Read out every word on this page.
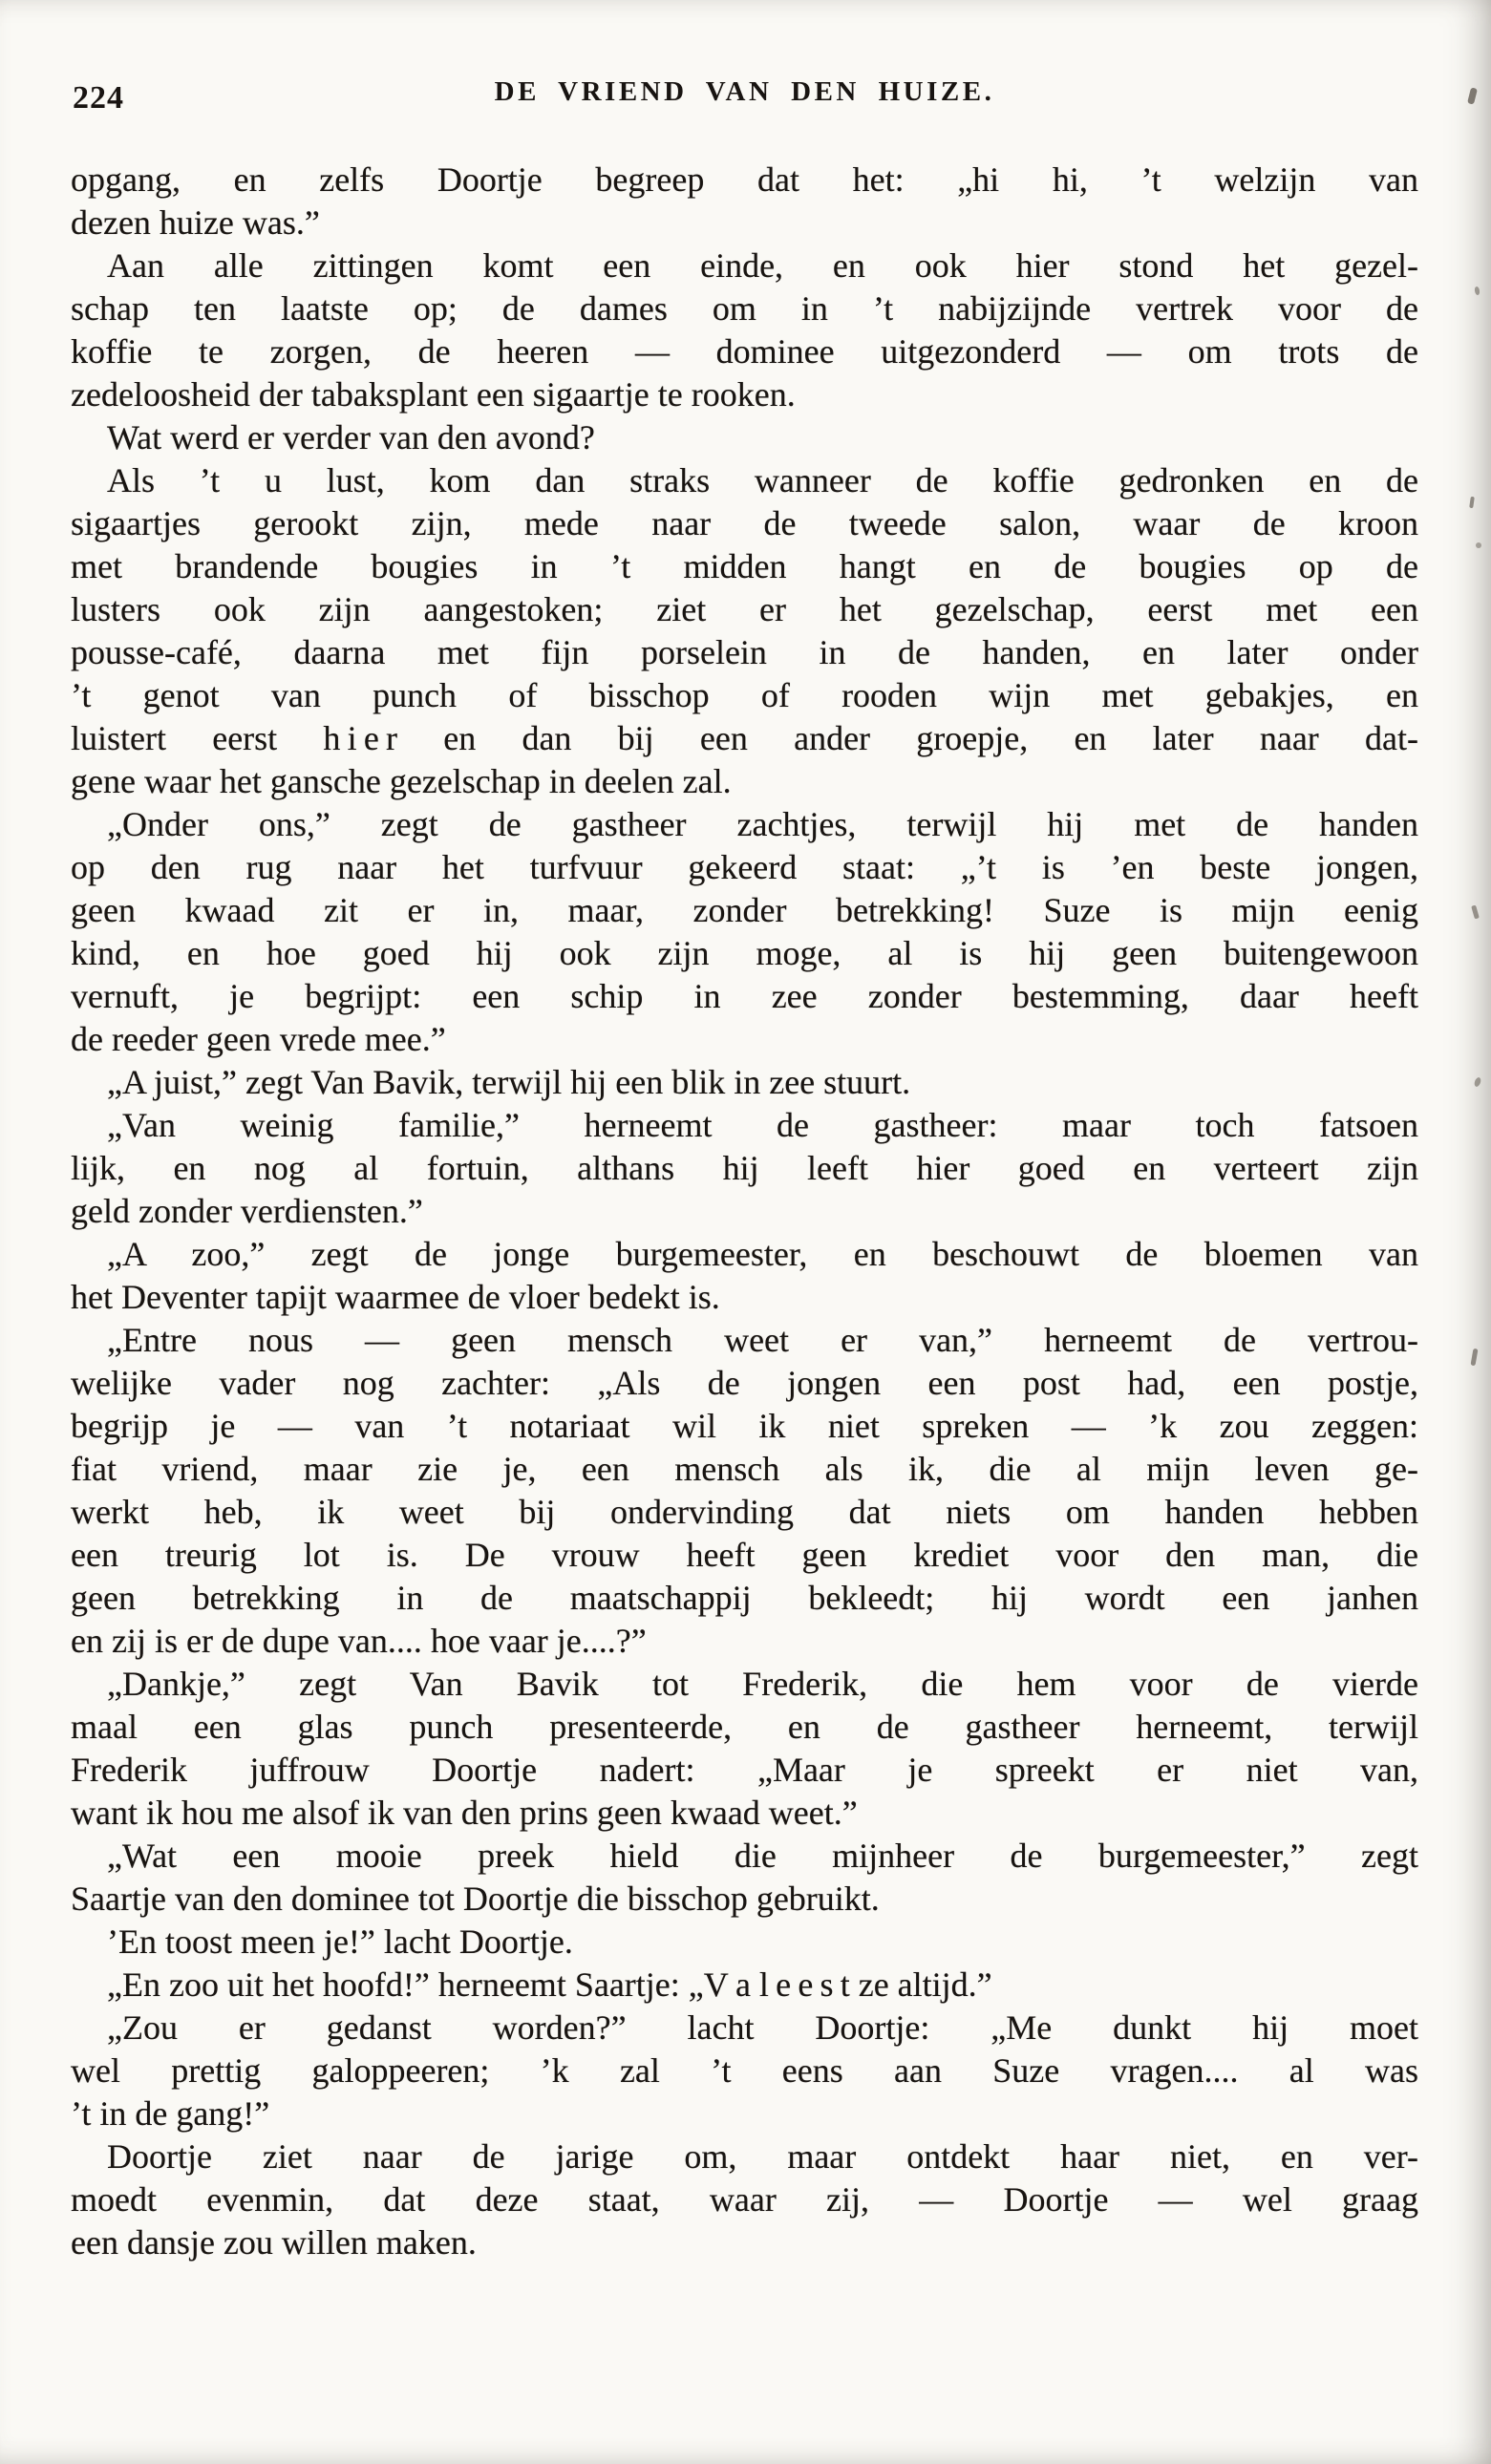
224	DE VRIEND VAN DEN HUIZE.
opgang, en zelfs Doortje begreep dat het: „hi hi, ’t welzijn van
dezen huize was.”
Aan alle zittingen komt een einde, en ook hier stond het gezel-
schap ten laatste op; de dames om in ’t nabijzijnde vertrek voor de
koffie te zorgen, de heeren — dominee uitgezonderd — om trots de
zedeloosheid der tabaksplant een sigaartje te rooken.
Wat werd er verder van den avond?
Als ’t u lust, kom dan straks wanneer de koffie gedronken en de
sigaartjes gerookt zijn, mede naar de tweede salon, waar de kroon
met brandende bougies in ’t midden hangt en de bougies op de
lusters ook zijn aangestoken; ziet er het gezelschap, eerst met een
pousse-café, daarna met fijn porselein in de handen, en later onder
’t genot van punch of bisschop of rooden wijn met gebakjes, en
luistert eerst h i e r en dan bij een ander groepje, en later naar dat-
gene waar het gansche gezelschap in deelen zal.
„Onder ons,” zegt de gastheer zachtjes, terwijl hij met de handen
op den rug naar het turfvuur gekeerd staat: „’t is ’en beste jongen,
geen kwaad zit er in, maar, zonder betrekking! Suze is mijn eenig
kind, en hoe goed hij ook zijn moge, al is hij geen buitengewoon
vernuft, je begrijpt: een schip in zee zonder bestemming, daar heeft
de reeder geen vrede mee.”
„A juist,” zegt Van Bavik, terwijl hij een blik in zee stuurt.
„Van weinig familie,” herneemt de gastheer: maar toch fatsoen
lijk, en nog al fortuin, althans hij leeft hier goed en verteert zijn
geld zonder verdiensten.”
„A zoo,” zegt de jonge burgemeester, en beschouwt de bloemen van
het Deventer tapijt waarmee de vloer bedekt is.
„Entre nous — geen mensch weet er van,” herneemt de vertrou-
welijke vader nog zachter: „Als de jongen een post had, een postje,
begrijp je — van ’t notariaat wil ik niet spreken — ’k zou zeggen:
fiat vriend, maar zie je, een mensch als ik, die al mijn leven ge-
werkt heb, ik weet bij ondervinding dat niets om handen hebben
een treurig lot is. De vrouw heeft geen krediet voor den man, die
geen betrekking in de maatschappij bekleedt; hij wordt een janhen
en zij is er de dupe van.... hoe vaar je....?”
„Dankje,” zegt Van Bavik tot Frederik, die hem voor de vierde
maal een glas punch presenteerde, en de gastheer herneemt, terwijl
Frederik juffrouw Doortje nadert: „Maar je spreekt er niet van,
want ik hou me alsof ik van den prins geen kwaad weet.”
„Wat een mooie preek hield die mijnheer de burgemeester,” zegt
Saartje van den dominee tot Doortje die bisschop gebruikt.
’En toost meen je!” lacht Doortje.
„En zoo uit het hoofd!” herneemt Saartje: „V a l e e s t ze altijd.”
„Zou er gedanst worden?” lacht Doortje: „Me dunkt hij moet
wel prettig galoppeeren; ’k zal ’t eens aan Suze vragen.... al was
’t in de gang!”
Doortje ziet naar de jarige om, maar ontdekt haar niet, en ver-
moedt evenmin, dat deze staat, waar zij, — Doortje — wel graag
een dansje zou willen maken.
